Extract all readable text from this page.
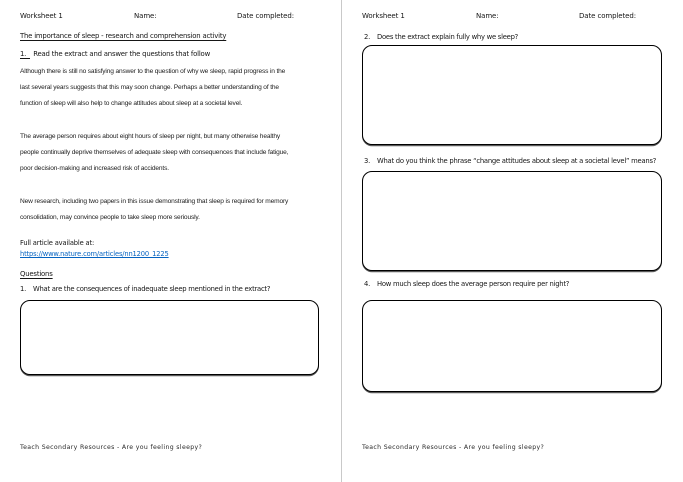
Worksheet 1	Name:	Date completed:
The importance of sleep - research and comprehension activity
1. Read the extract and answer the questions that follow
Although there is still no satisfying answer to the question of why we sleep, rapid progress in the
last several years suggests that this may soon change. Perhaps a better understanding of the
function of sleep will also help to change attitudes about sleep at a societal level.
The average person requires about eight hours of sleep per night, but many otherwise healthy
people continually deprive themselves of adequate sleep with consequences that include fatigue,
poor decision-making and increased risk of accidents.
New research, including two papers in this issue demonstrating that sleep is required for memory
consolidation, may convince people to take sleep more seriously.
Full article available at:
https://www.nature.com/articles/nn1200_1225
Questions
1. What are the consequences of inadequate sleep mentioned in the extract?
Teach Secondary Resources - Are you feeling sleepy?
Worksheet 1	Name:	Date completed:
2. Does the extract explain fully why we sleep?
3. What do you think the phrase “change attitudes about sleep at a societal level” means?
4. How much sleep does the average person require per night?
Teach Secondary Resources - Are you feeling sleepy?
